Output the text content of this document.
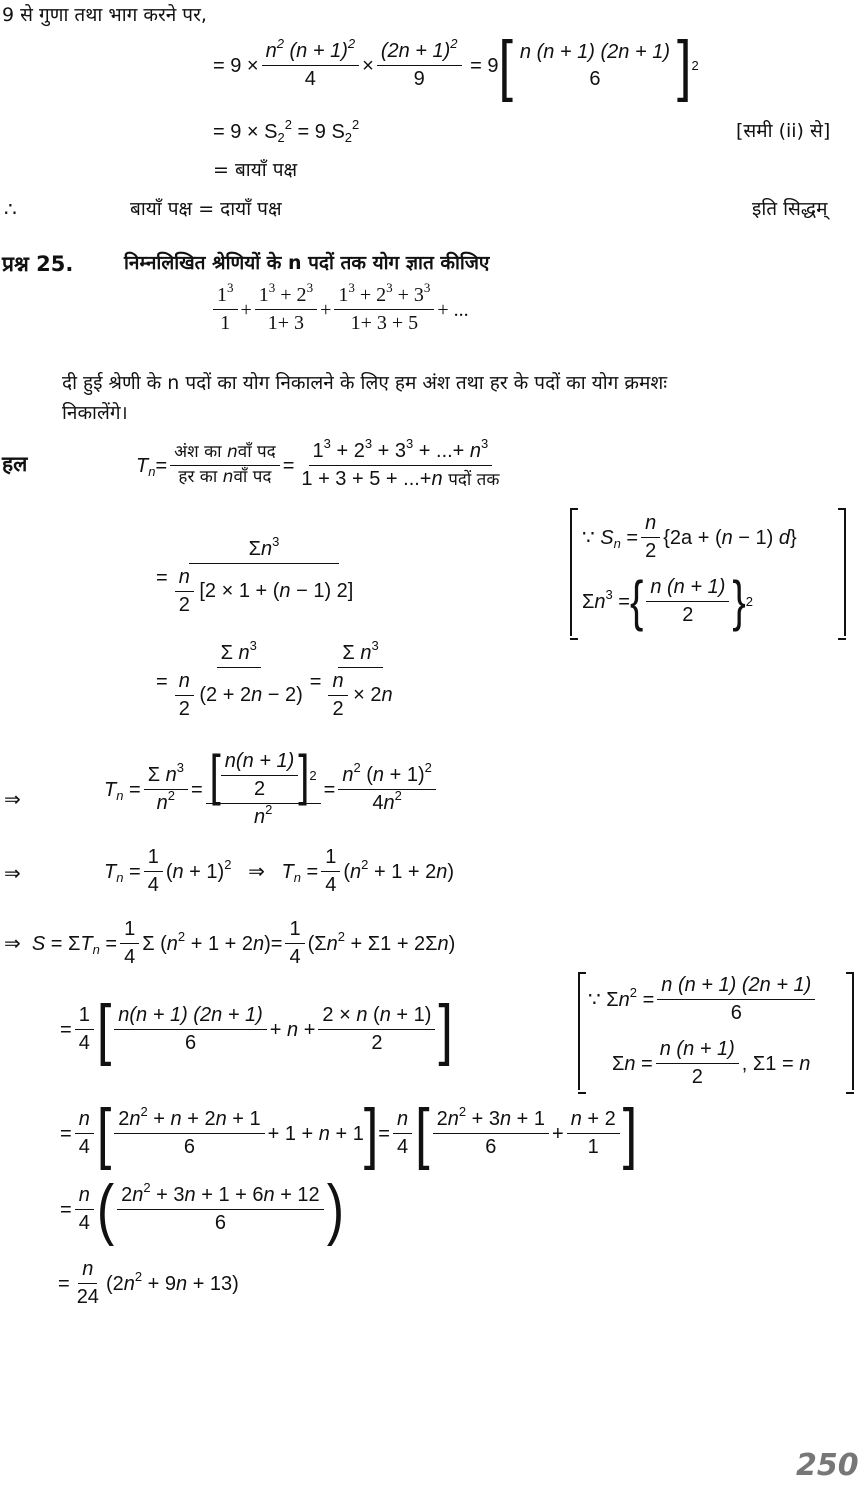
9 से गुणा तथा भाग करने पर,
= $9 \times \frac{n^2 (n + 1)^2}{4} \times \frac{(2n + 1)^2}{9} = 9$ [ n (n + 1) (2n + 1)
6 ] 2
= $9 \times S_2^2 = 9$ $S_2^2$	[समी (ii) से]
= बायाँ पक्ष
∴	बायाँ पक्ष = दायाँ पक्ष	इति सिद्धम्
प्रश्न 25.	निम्नलिखित श्रेणियों के n पदों तक योग ज्ञात कीजिए
$1^3$
1
+ $\frac{1^3 + 2^3}{1+ 3} + \frac{1^3 + 2^3 + 3^3}{1+ 3 + 5}$ + ...
दी हुई श्रेणी के n पदों का योग निकालने के लिए हम अंश तथा हर के पदों का योग क्रमशः
निकालेंगे।
हल	$T_n$ =
अंश का nवाँ पद
हर का nवाँ पद
=
$1^3 + 2^3 + 3^3$ + ...+ $n^3$
1 + 3 + 5 + ...+n पदों तक
= $\frac{\Sigma n^3}{\frac{n}{2} [2 \times 1 + (n - 1) 2]}$
∵ $S_n = \frac{n}{2} \{2a + (n - 1)$ d}
$\Sigma n^3$ = { n (n + 1)
2 } 2
= $\frac{\Sigma n^3}{\frac{n}{2} (2 + 2n - 2)} = \frac{\Sigma n^3}{\frac{n}{2} \times 2n}$
⇒	$T_n = \frac{\Sigma n^3}{n^2}$ = [ n(n + 1)
2 ] 2
$n^2 = \frac{n^2 (n + 1)^2}{4n^2}$
⇒	$T_n = \frac{1}{4} (n + 1)^2$   ⇒   $T_n = \frac{1}{4} (n^2 + 1 + 2n)$
⇒  $S = \Sigma T_n = \frac{1}{4}$ Σ $(n^2 + 1 + 2n)= \frac{1}{4} (\Sigma n^2 + \Sigma 1 + 2\Sigma n)$
= $\frac{1}{4}$ [ n(n + 1) (2n + 1)
6
+ $n + \frac{2 \times n (n + 1)}{2}$ ]	∵ $\Sigma n^2 = \frac{n (n + 1) (2n + 1)}{6}$
$\Sigma n = \frac{n (n + 1)}{2}$ , Σ1 = n
= $\frac{n}{4}$ [ $2n^2 + n + 2n + 1$
6
+ 1 + n + 1 ] = $\frac{n}{4}$ [ $2n^2 + 3n + 1$
6
+ $\frac{n + 2}{1}$ ]
= $\frac{n}{4}$ ( $2n^2 + 3n + 1 + 6n + 12$
6 )
= $\frac{n}{24} (2n^2 + 9n + 13)$
250
